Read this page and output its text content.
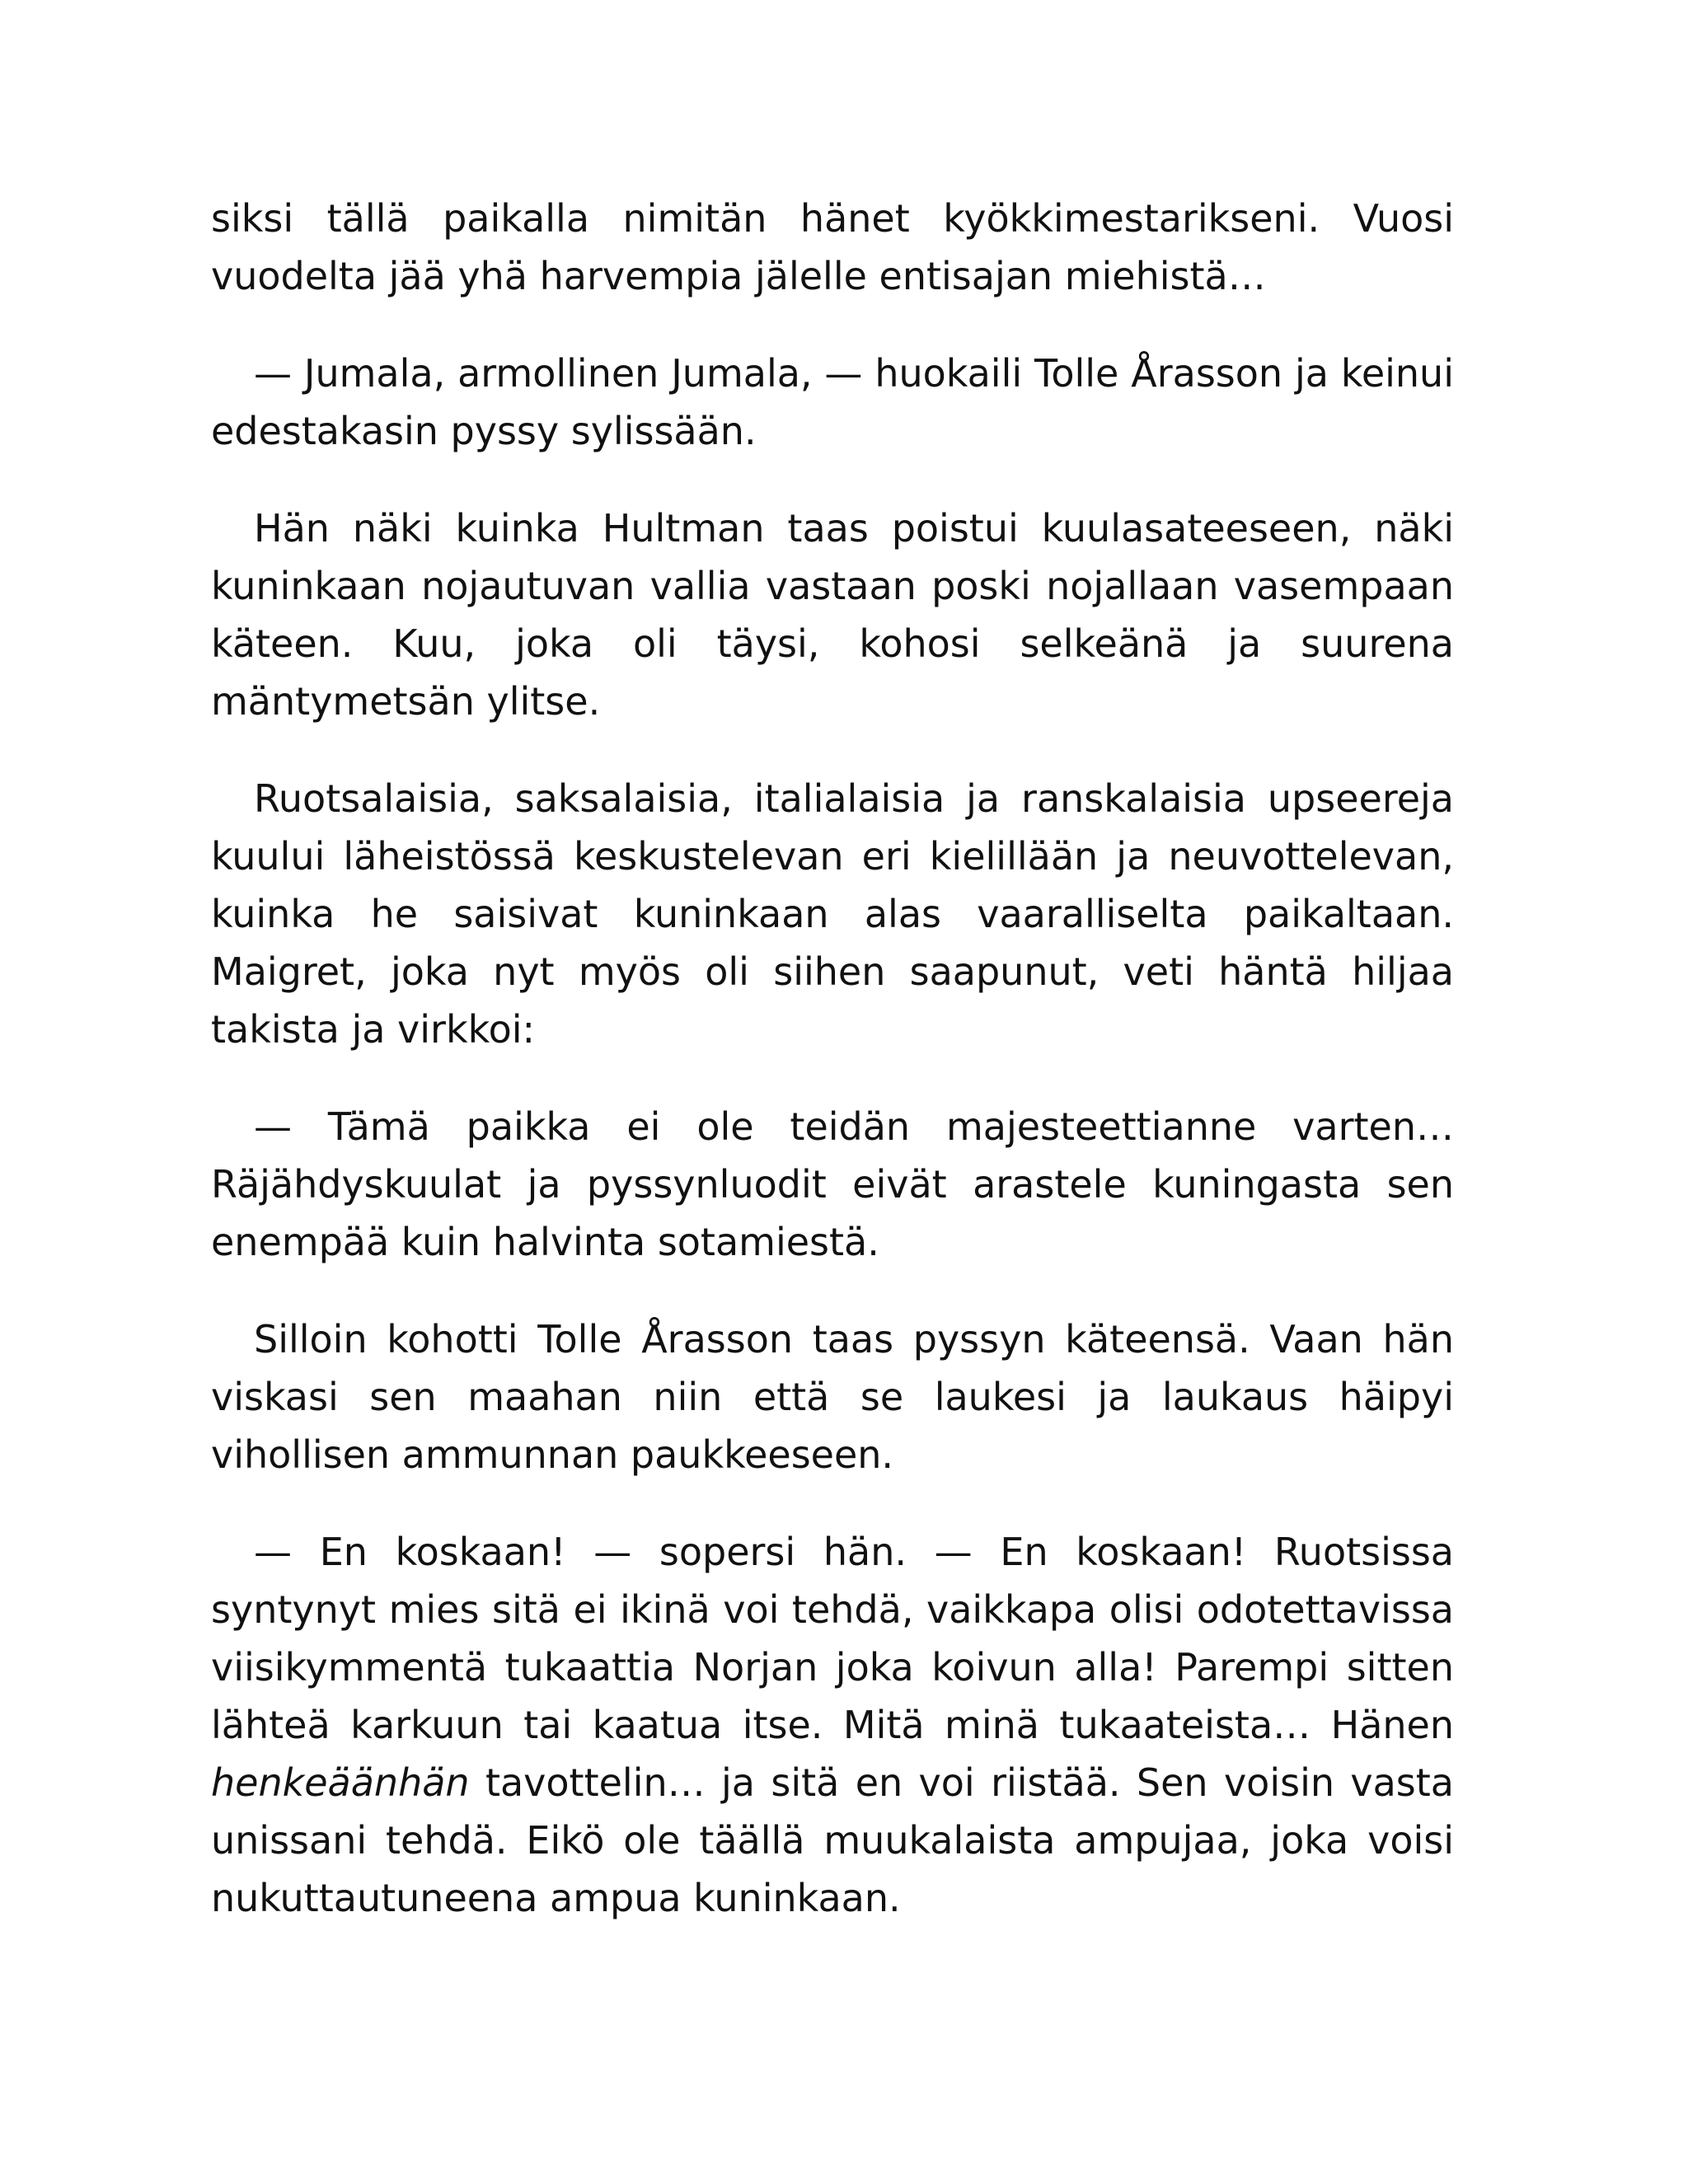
siksi tällä paikalla nimitän hänet kyökkimestarikseni. Vuosi vuodelta jää yhä harvempia jälelle entisajan miehistä…

— Jumala, armollinen Jumala, — huokaili Tolle Årasson ja keinui edestakasin pyssy sylissään.

Hän näki kuinka Hultman taas poistui kuulasateeseen, näki kuninkaan nojautuvan vallia vastaan poski nojallaan vasempaan käteen. Kuu, joka oli täysi, kohosi selkeänä ja suurena mäntymetsän ylitse.

Ruotsalaisia, saksalaisia, italialaisia ja ranskalaisia upseereja kuului läheistössä keskustelevan eri kielillään ja neuvottelevan, kuinka he saisivat kuninkaan alas vaaralliselta paikaltaan. Maigret, joka nyt myös oli siihen saapunut, veti häntä hiljaa takista ja virkkoi:

— Tämä paikka ei ole teidän majesteettianne varten… Räjähdyskuulat ja pyssynluodit eivät arastele kuningasta sen enempää kuin halvinta sotamiestä.

Silloin kohotti Tolle Årasson taas pyssyn käteensä. Vaan hän viskasi sen maahan niin että se laukesi ja laukaus häipyi vihollisen ammunnan paukkeeseen.

— En koskaan! — sopersi hän. — En koskaan! Ruotsissa syntynyt mies sitä ei ikinä voi tehdä, vaikkapa olisi odotettavissa viisikymmentä tukaattia Norjan joka koivun alla! Parempi sitten lähteä karkuun tai kaatua itse. Mitä minä tukaateista… Hänen henkeäänhän tavottelin… ja sitä en voi riistää. Sen voisin vasta unissani tehdä. Eikö ole täällä muukalaista ampujaa, joka voisi nukuttautuneena ampua kuninkaan.
